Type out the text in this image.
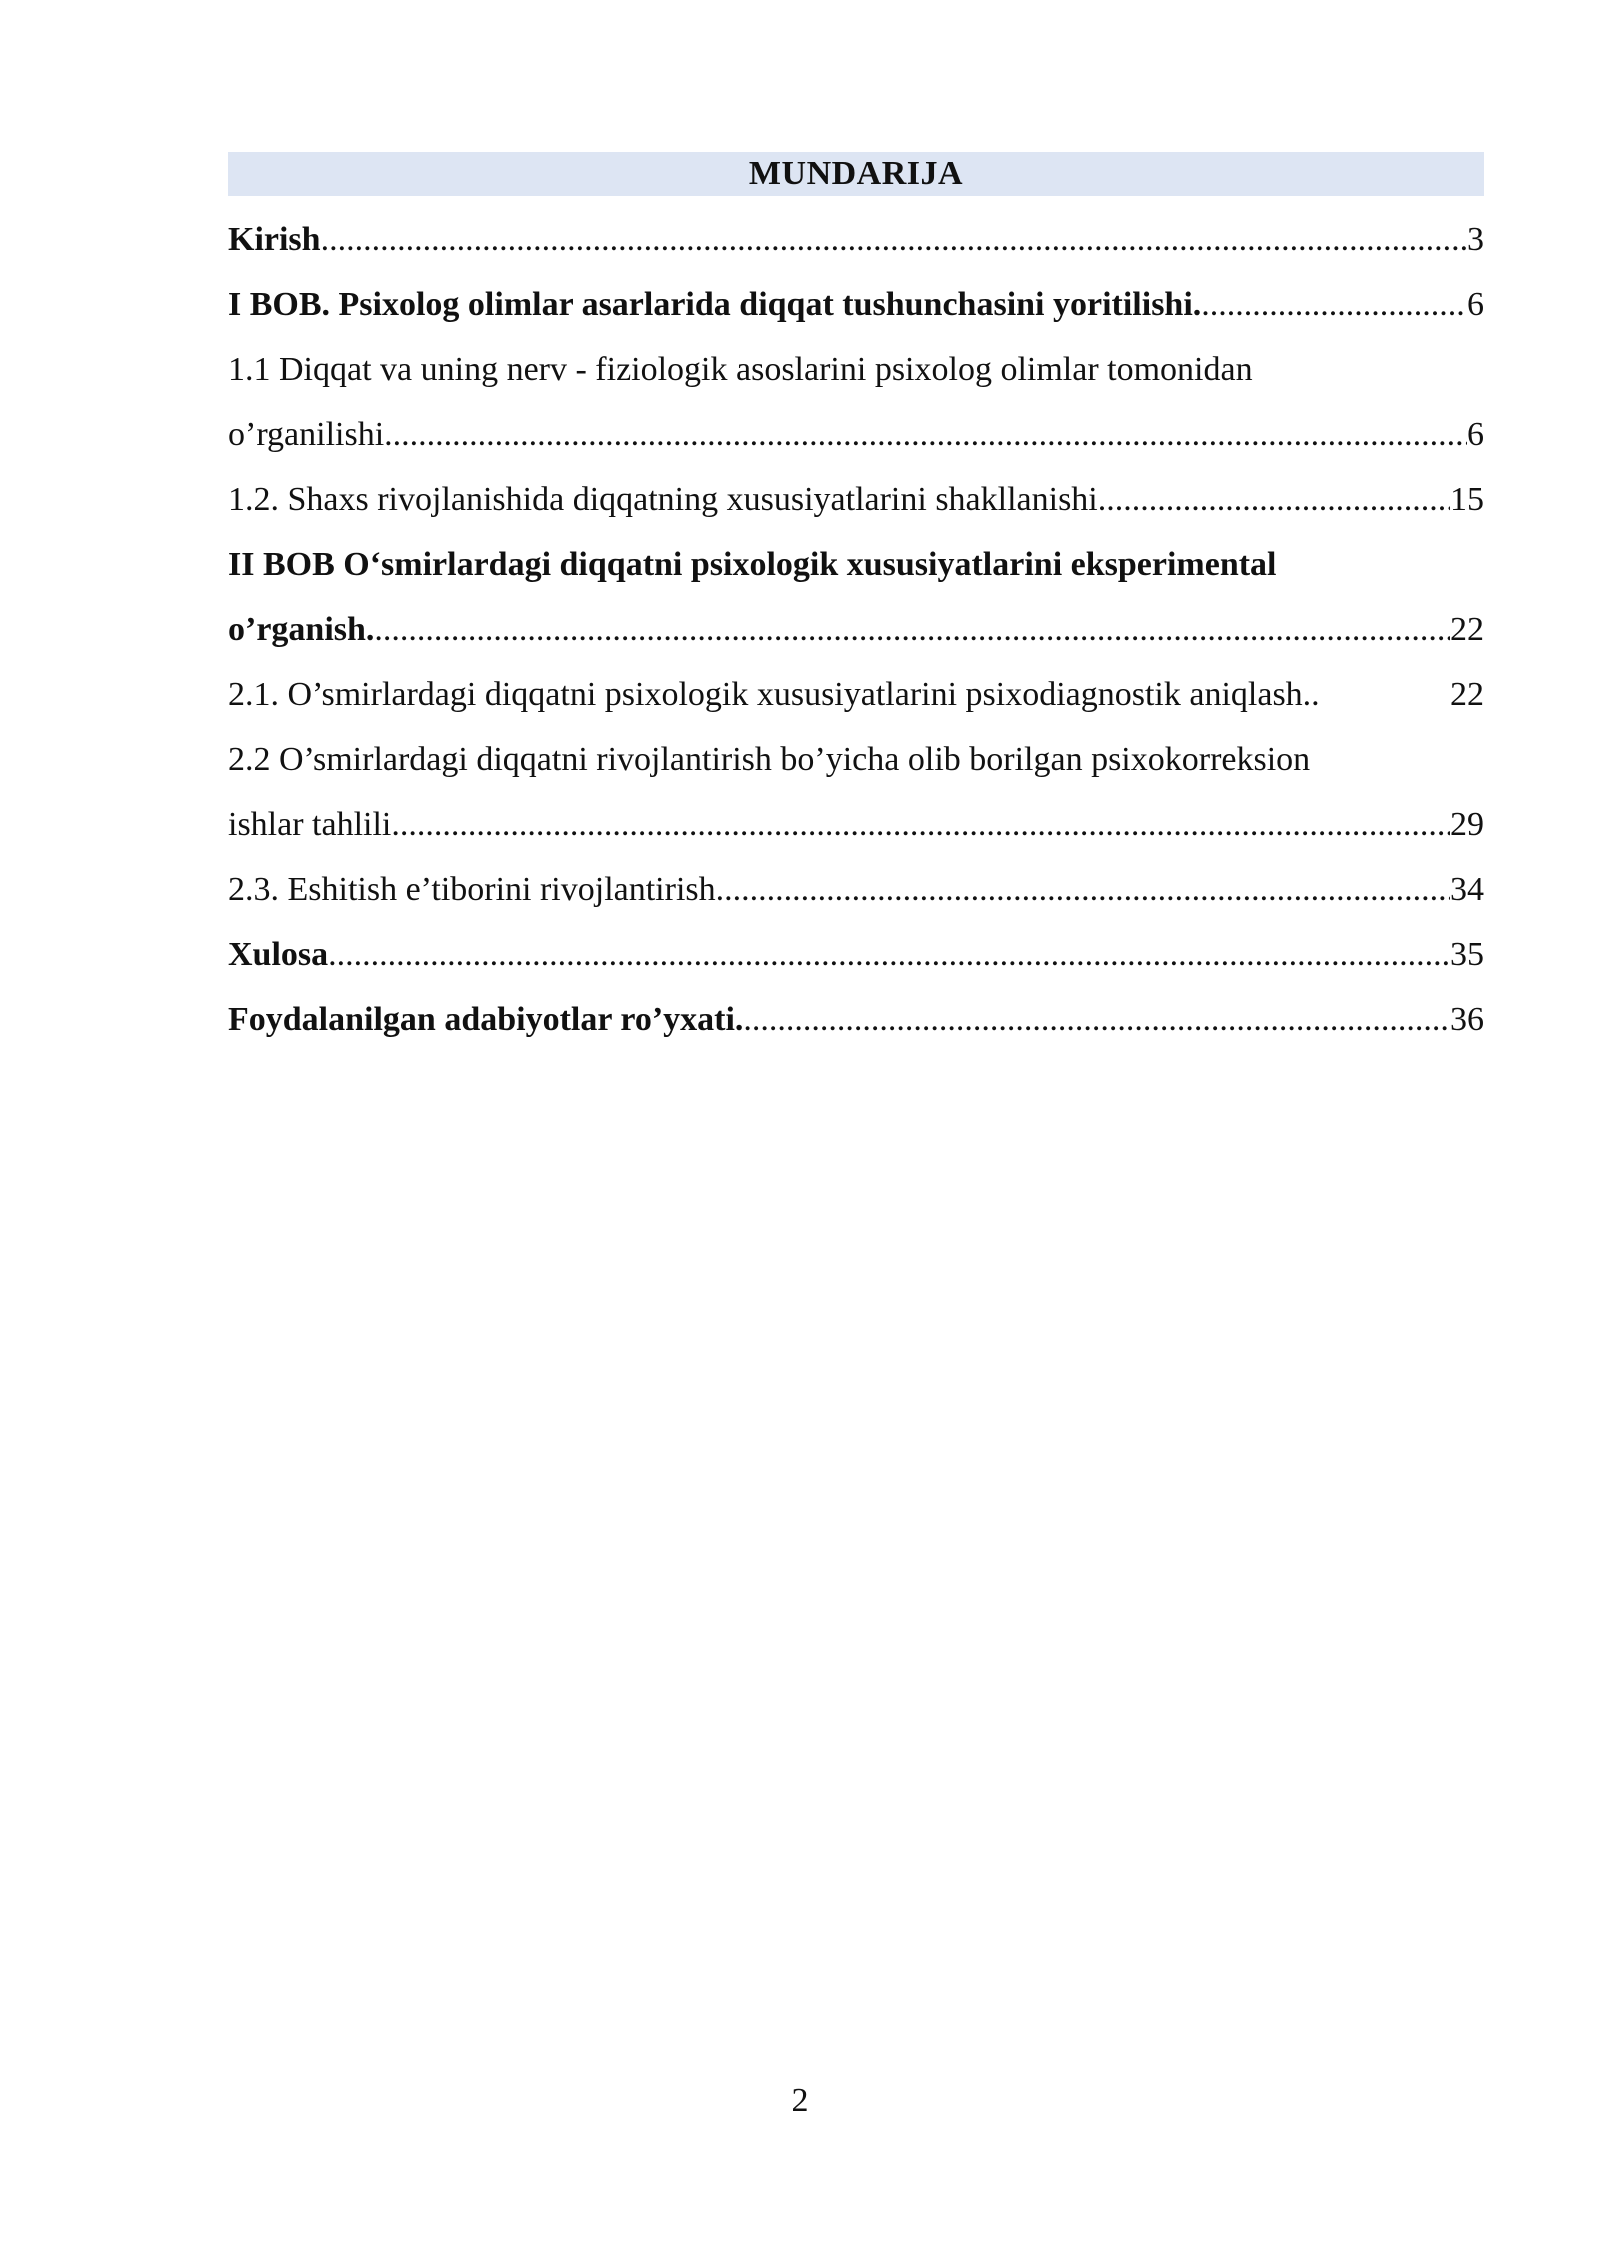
MUNDARIJA
Kirish .....	3
I BOB. Psixolog olimlar asarlarida diqqat tushunchasini yoritilishi. .....	6
1.1 Diqqat va uning nerv - fiziologik asoslarini psixolog olimlar tomonidan
o’rganilishi .....	6
1.2. Shaxs rivojlanishida diqqatning xususiyatlarini shakllanishi. .....	15
II BOB O‘smirlardagi diqqatni psixologik xususiyatlarini eksperimental
o’rganish. .....	22
2.1. O’smirlardagi diqqatni psixologik xususiyatlarini psixodiagnostik aniqlash..	22
2.2 O’smirlardagi diqqatni rivojlantirish bo’yicha olib borilgan psixokorreksion
ishlar tahlili .....	29
2.3. Eshitish e’tiborini rivojlantirish .....	34
Xulosa .....	35
Foydalanilgan adabiyotlar ro’yxati. .....	36
2
